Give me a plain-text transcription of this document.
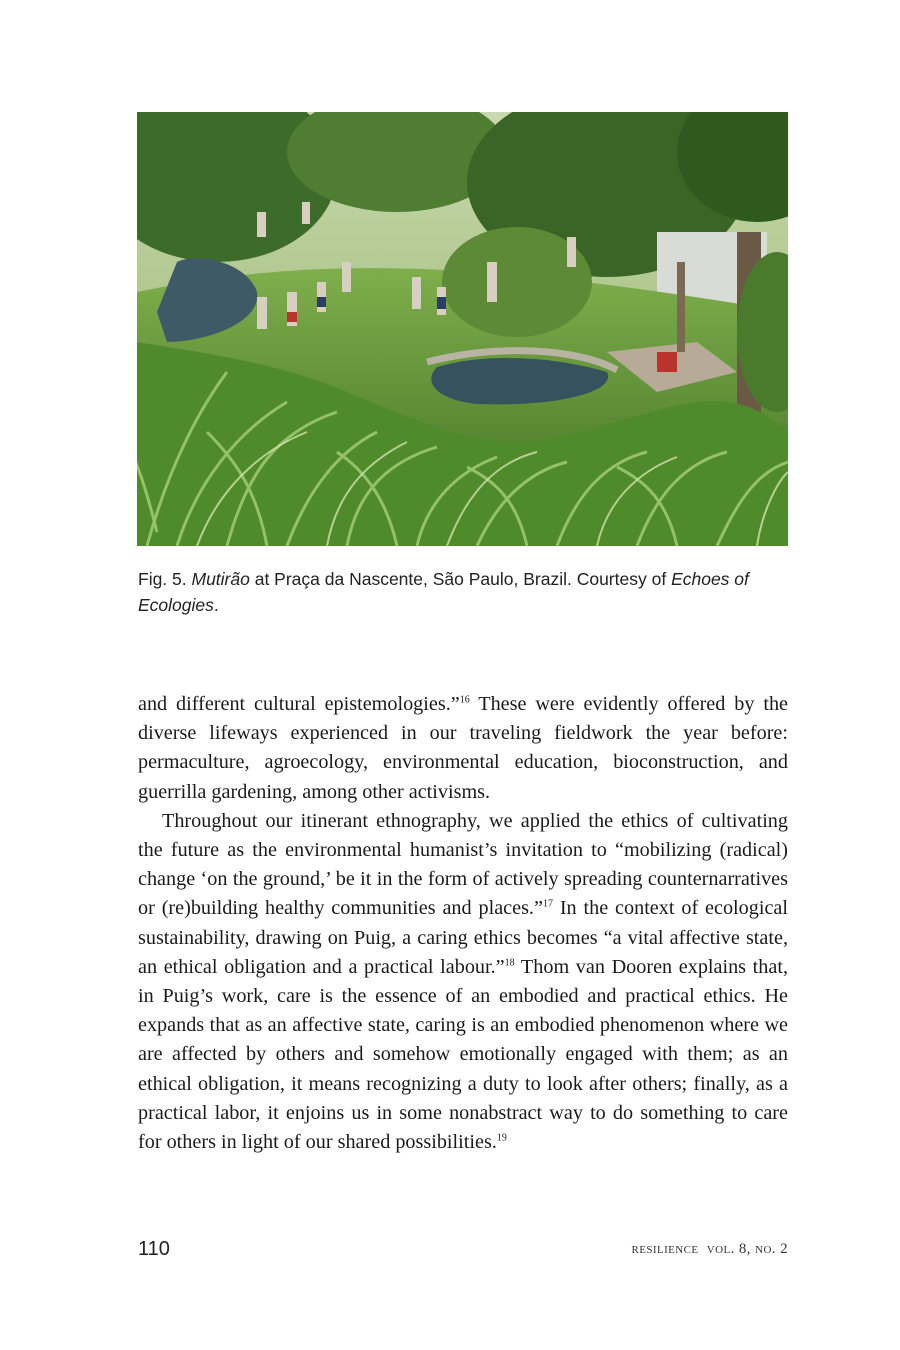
Fig. 5. Mutirão at Praça da Nascente, São Paulo, Brazil. Courtesy of Echoes of Ecologies.

and different cultural epistemologies.”$^{16}$ These were evidently offered by the diverse lifeways experienced in our traveling fieldwork the year before: permaculture, agroecology, environmental education, bioconstruction, and guerrilla gardening, among other activisms.

Throughout our itinerant ethnography, we applied the ethics of cultivating the future as the environmental humanist’s invitation to “mobilizing (radical) change ‘on the ground,’ be it in the form of actively spreading counternarratives or (re)building healthy communities and places.”$^{17}$ In the context of ecological sustainability, drawing on Puig, a caring ethics becomes “a vital affective state, an ethical obligation and a practical labour.”$^{18}$ Thom van Dooren explains that, in Puig’s work, care is the essence of an embodied and practical ethics. He expands that as an affective state, caring is an embodied phenomenon where we are affected by others and somehow emotionally engaged with them; as an ethical obligation, it means recognizing a duty to look after others; finally, as a practical labor, it enjoins us in some nonabstract way to do something to care for others in light of our shared possibilities.$^{19}$

110	resilience vol. 8, no. 2
